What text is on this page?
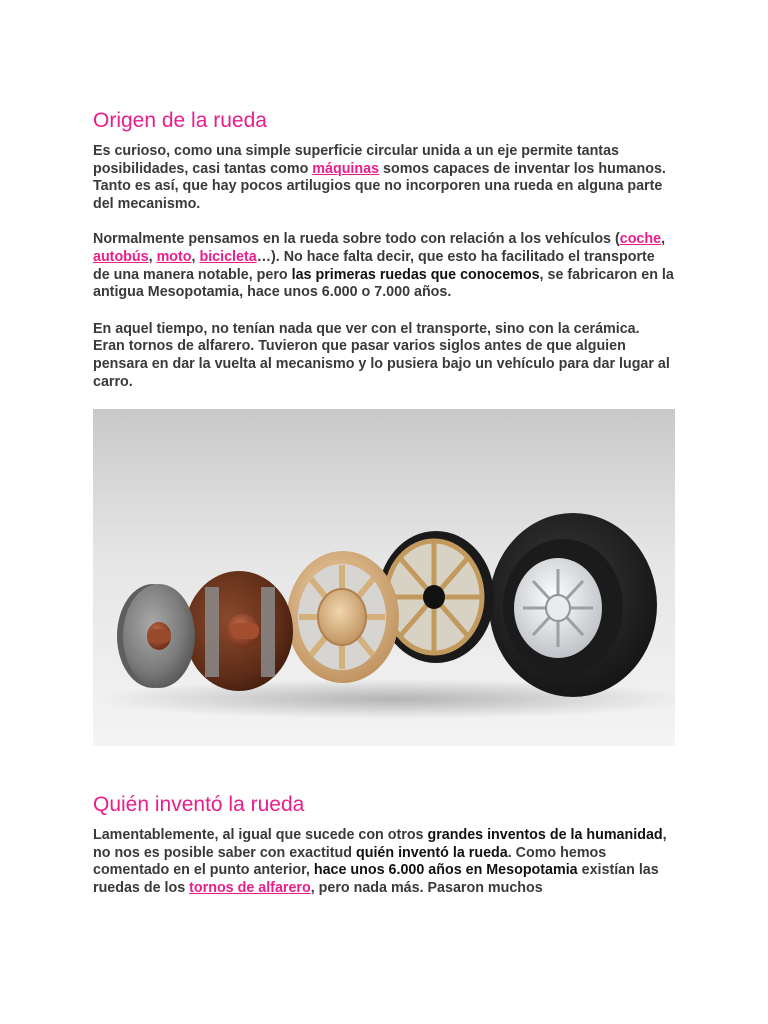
Origen de la rueda

Es curioso, como una simple superficie circular unida a un eje permite tantas posibilidades, casi tantas como máquinas somos capaces de inventar los humanos. Tanto es así, que hay pocos artilugios que no incorporen una rueda en alguna parte del mecanismo.

Normalmente pensamos en la rueda sobre todo con relación a los vehículos (coche, autobús, moto, bicicleta…). No hace falta decir, que esto ha facilitado el transporte de una manera notable, pero las primeras ruedas que conocemos, se fabricaron en la antigua Mesopotamia, hace unos 6.000 o 7.000 años.

En aquel tiempo, no tenían nada que ver con el transporte, sino con la cerámica. Eran tornos de alfarero. Tuvieron que pasar varios siglos antes de que alguien pensara en dar la vuelta al mecanismo y lo pusiera bajo un vehículo para dar lugar al carro.

Quién inventó la rueda

Lamentablemente, al igual que sucede con otros grandes inventos de la humanidad, no nos es posible saber con exactitud quién inventó la rueda. Como hemos comentado en el punto anterior, hace unos 6.000 años en Mesopotamia existían las ruedas de los tornos de alfarero, pero nada más. Pasaron muchos
